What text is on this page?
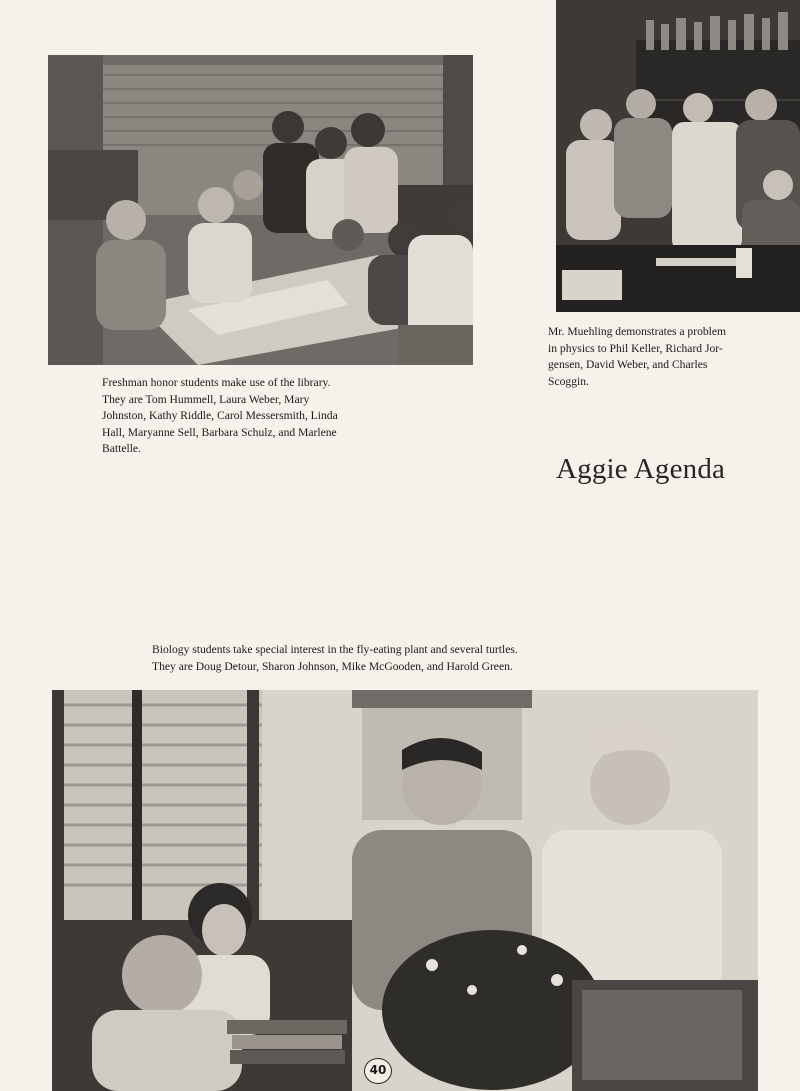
Freshman honor students make use of the library.
They are Tom Hummell, Laura Weber, Mary
Johnston, Kathy Riddle, Carol Messersmith, Linda
Hall, Maryanne Sell, Barbara Schulz, and Marlene
Battelle.

Mr. Muehling demonstrates a problem
in physics to Phil Keller, Richard Jor-
gensen, David Weber, and Charles
Scoggin.

Aggie Agenda

Biology students take special interest in the fly-eating plant and several turtles.
They are Doug Detour, Sharon Johnson, Mike McGooden, and Harold Green.

40
